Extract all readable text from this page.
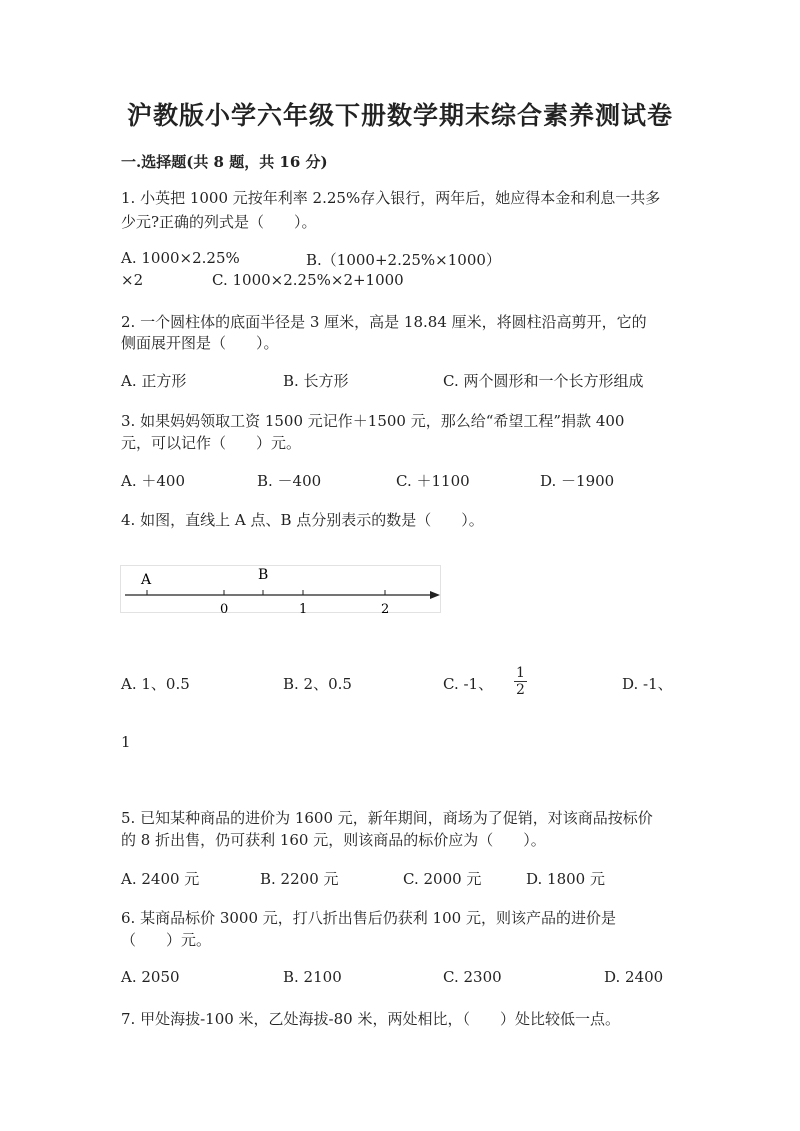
沪教版小学六年级下册数学期末综合素养测试卷
一.选择题(共 8 题，共 16 分)
1. 小英把 1000 元按年利率 2.25%存入银行，两年后，她应得本金和利息一共多
少元?正确的列式是（　　）。
A. 1000×2.25%	B.（1000+2.25%×1000）
×2	C. 1000×2.25%×2+1000
2. 一个圆柱体的底面半径是 3 厘米，高是 18.84 厘米，将圆柱沿高剪开，它的
侧面展开图是（　　）。
A. 正方形	B. 长方形	C. 两个圆形和一个长方形组成
3. 如果妈妈领取工资 1500 元记作＋1500 元，那么给“希望工程”捐款 400
元，可以记作（　　）元。
A. ＋400	B. －400	C. ＋1100	D. －1900
4. 如图，直线上 A 点、B 点分别表示的数是（　　）。
A	B
0	1	2
A. 1、0.5	B. 2、0.5	C. -1、 $\frac{1}{2}$	D. -1、
1
5. 已知某种商品的进价为 1600 元，新年期间，商场为了促销，对该商品按标价
的 8 折出售，仍可获利 160 元，则该商品的标价应为（　　）。
A. 2400 元	B. 2200 元	C. 2000 元	D. 1800 元
6. 某商品标价 3000 元，打八折出售后仍获利 100 元，则该产品的进价是
（　　）元。
A. 2050	B. 2100	C. 2300	D. 2400
7. 甲处海拔-100 米，乙处海拔-80 米，两处相比，（　　）处比较低一点。
